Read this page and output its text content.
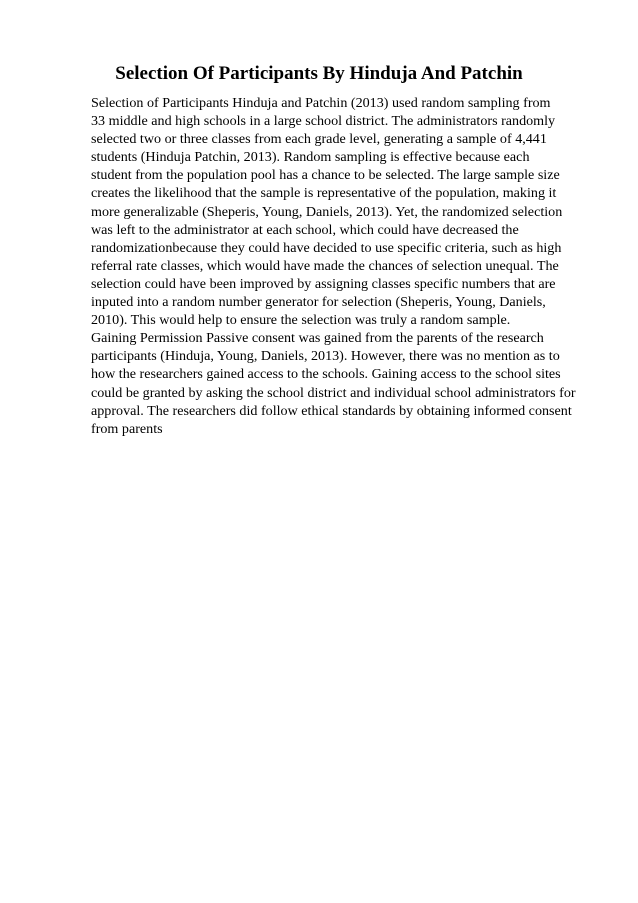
Selection Of Participants By Hinduja And Patchin
Selection of Participants Hinduja and Patchin (2013) used random sampling from
33 middle and high schools in a large school district. The administrators randomly
selected two or three classes from each grade level, generating a sample of 4,441
students (Hinduja Patchin, 2013). Random sampling is effective because each
student from the population pool has a chance to be selected. The large sample size
creates the likelihood that the sample is representative of the population, making it
more generalizable (Sheperis, Young, Daniels, 2013). Yet, the randomized selection
was left to the administrator at each school, which could have decreased the
randomizationbecause they could have decided to use specific criteria, such as high
referral rate classes, which would have made the chances of selection unequal. The
selection could have been improved by assigning classes specific numbers that are
inputed into a random number generator for selection (Sheperis, Young, Daniels,
2010). This would help to ensure the selection was truly a random sample.
Gaining Permission Passive consent was gained from the parents of the research
participants (Hinduja, Young, Daniels, 2013). However, there was no mention as to
how the researchers gained access to the schools. Gaining access to the school sites
could be granted by asking the school district and individual school administrators for
approval. The researchers did follow ethical standards by obtaining informed consent
from parents
